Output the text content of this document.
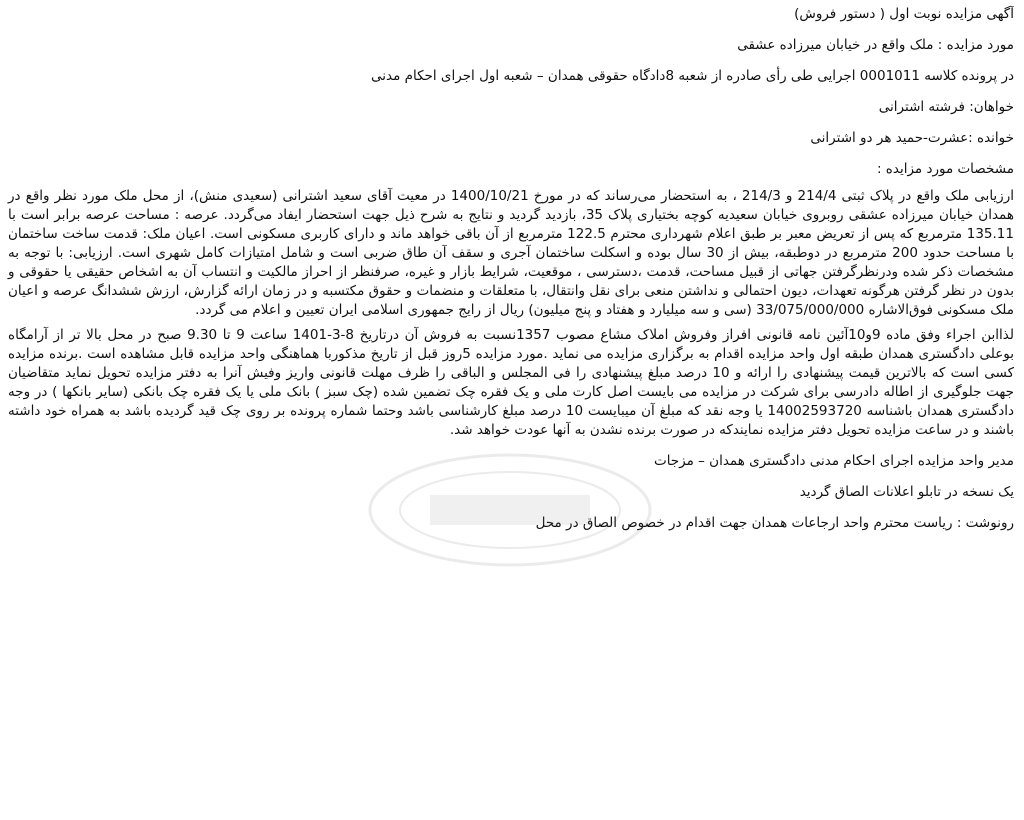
آگهی مزایده نوبت اول ( دستور فروش)

مورد مزایده : ملک واقع در خیابان میرزاده عشقی

در پرونده کلاسه 0001011 اجرایی طی رأی صادره از شعبه 8دادگاه حقوقی همدان – شعبه اول اجرای احکام مدنی

خواهان: فرشته اشترانی

خوانده :عشرت-حمید هر دو اشترانی

مشخصات مورد مزایده :

ارزیابی ملک واقع در پلاک ثبتی 214/4 و 214/3 ، به استحضار می‌رساند که در مورخ 1400/10/21 در معیت آقای سعید اشترانی (سعیدی منش)، از محل ملک مورد نظر واقع در همدان خیابان میرزاده عشقی روبروی خیابان سعیدیه کوچه بختیاری پلاک 35، بازدید گردید و نتایج به شرح ذیل جهت استحضار ایفاد می‌گردد. عرصه : مساحت عرصه برابر است با 135.11 مترمربع که پس از تعریض معبر بر طبق اعلام شهرداری محترم 122.5 مترمربع از آن باقی خواهد ماند و دارای کاربری مسکونی است. اعیان ملک: قدمت ساخت ساختمان با مساحت حدود 200 مترمربع در دوطبقه، بیش از 30 سال بوده و اسکلت ساختمان آجری و سقف آن طاق ضربی است و شامل امتیازات کامل شهری است. ارزیابی: با توجه به مشخصات ذکر شده ودرنظرگرفتن جهاتی از قبیل مساحت، قدمت ،دسترسی ، موقعیت، شرایط بازار و غیره، صرفنظر از احراز مالکیت و انتساب آن به اشخاص حقیقی یا حقوقی و بدون در نظر گرفتن هرگونه تعهدات، دیون احتمالی و نداشتن منعی برای نقل وانتقال، با متعلقات و منضمات و حقوق مکتسبه و در زمان ارائه گزارش، ارزش ششدانگ عرصه و اعیان ملک مسکونی فوق‌الاشاره 33/075/000/000 (سی و سه میلیارد و هفتاد و پنج میلیون) ریال از رایج جمهوری اسلامی ایران تعیین و اعلام می گردد.

لذاابن اجراء وفق ماده 9و10آئین نامه قانونی افراز وفروش املاک مشاع مصوب 1357نسبت به فروش آن درتاریخ 8-3-1401 ساعت 9 تا 9.30 صبح در محل بالا تر از آرامگاه بوعلی دادگستری همدان طبقه اول واحد مزایده اقدام به برگزاری مزایده می نماید .مورد مزایده 5روز قبل از تاریخ مذکوربا هماهنگی واحد مزایده قابل مشاهده است .برنده مزایده کسی است که بالاترین قیمت پیشنهادی را ارائه و 10 درصد مبلغ پیشنهادی را فی المجلس و الباقی را ظرف مهلت قانونی واریز وفیش آنرا به دفتر مزایده تحویل نماید متقاضیان جهت جلوگیری از اطاله دادرسی برای شرکت در مزایده می بایست اصل کارت ملی و یک فقره چک تضمین شده (چک سبز ) بانک ملی یا یک فقره چک بانکی (سایر بانکها ) در وجه دادگستری همدان باشناسه 14002593720 یا وجه نقد که مبلغ آن میبایست 10 درصد مبلغ کارشناسی باشد وحتما شماره پرونده بر روی چک قید گردیده باشد به همراه خود داشته باشند و در ساعت مزایده تحویل دفتر مزایده نمایندکه در صورت برنده نشدن به آنها عودت خواهد شد.

مدیر واحد مزایده اجرای احکام مدنی دادگستری همدان – مزجات

یک نسخه در تابلو اعلانات الصاق گردید

رونوشت : ریاست محترم واحد ارجاعات همدان جهت اقدام در خصوص الصاق در محل
